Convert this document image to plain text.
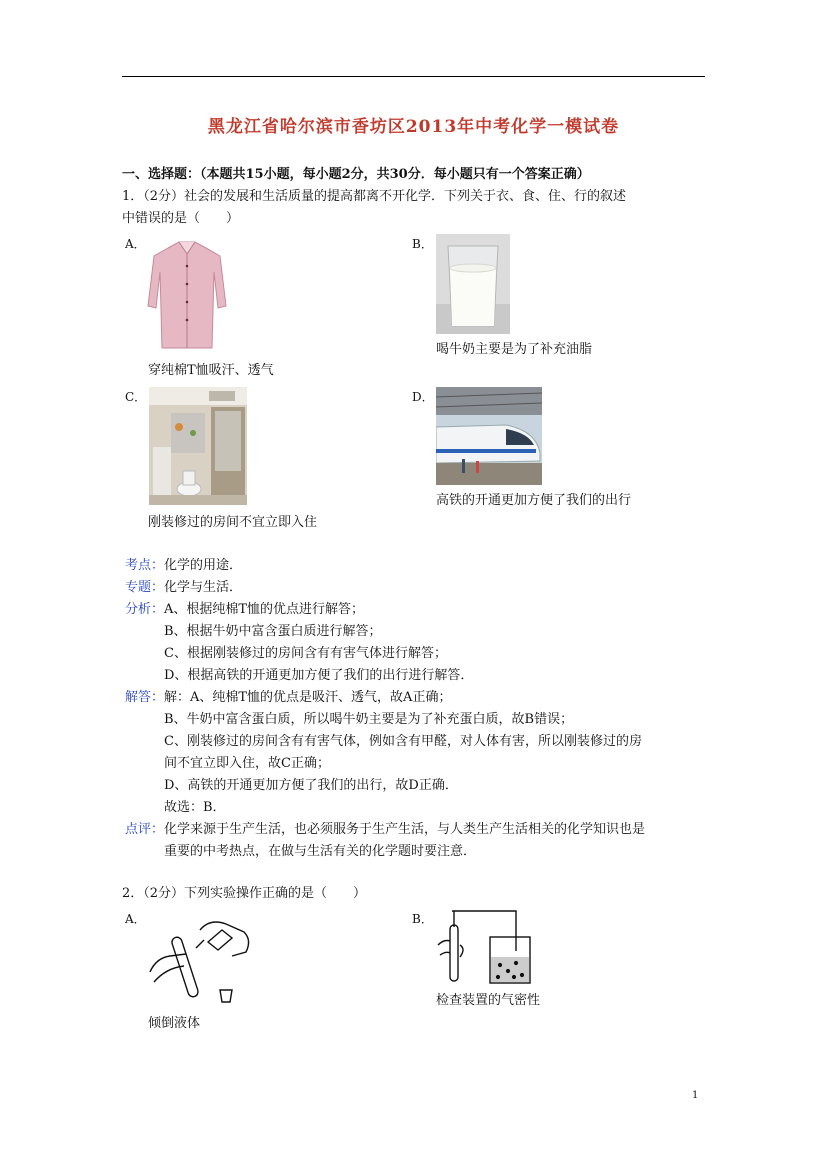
黑龙江省哈尔滨市香坊区2013年中考化学一模试卷
一、选择题：（本题共15小题，每小题2分，共30分．每小题只有一个答案正确）
1．（2分）社会的发展和生活质量的提高都离不开化学．下列关于衣、食、住、行的叙述
中错误的是（　　）
A．
穿纯棉T恤吸汗、透气
B．
喝牛奶主要是为了补充油脂
C．
刚装修过的房间不宜立即入住
D．
高铁的开通更加方便了我们的出行
考点： 化学的用途．
专题： 化学与生活．
分析： A、根据纯棉T恤的优点进行解答；
B、根据牛奶中富含蛋白质进行解答；
C、根据刚装修过的房间含有有害气体进行解答；
D、根据高铁的开通更加方便了我们的出行进行解答．
解答： 解：A、纯棉T恤的优点是吸汗、透气，故A正确；
B、牛奶中富含蛋白质，所以喝牛奶主要是为了补充蛋白质，故B错误；
C、刚装修过的房间含有有害气体，例如含有甲醛，对人体有害，所以刚装修过的房
间不宜立即入住，故C正确；
D、高铁的开通更加方便了我们的出行，故D正确．
故选：B．
点评： 化学来源于生产生活，也必须服务于生产生活，与人类生产生活相关的化学知识也是
重要的中考热点，在做与生活有关的化学题时要注意．
2．（2分）下列实验操作正确的是（　　）
A．
倾倒液体
B．
检查装置的气密性
1
